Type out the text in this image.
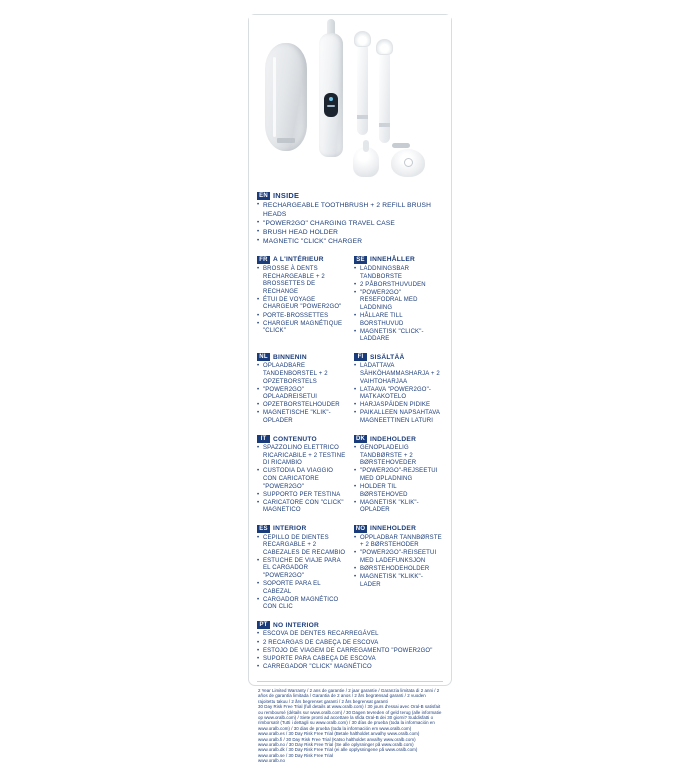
EN INSIDE
• RECHARGEABLE TOOTHBRUSH + 2 REFILL BRUSH HEADS
• "POWER2GO" CHARGING TRAVEL CASE
• BRUSH HEAD HOLDER
• MAGNETIC "CLICK" CHARGER
FR A L'INTÉRIEUR
• BROSSE À DENTS RECHARGEABLE + 2 BROSSETTES DE RECHANGE
• ÉTUI DE VOYAGE CHARGEUR "POWER2GO"
• PORTE-BROSSETTES
• CHARGEUR MAGNÉTIQUE "CLICK"
SE INNEHÅLLER
• LADDNINGSBAR TANDBORSTE
• 2 PÅBORSTHUVUDEN
• "POWER2GO" RESEFODRAL MED LADDNING
• HÅLLARE TILL BORSTHUVUD
• MAGNETISK "CLICK"-LADDARE
NL BINNENIN
• OPLAADBARE TANDENBORSTEL + 2 OPZETBORSTELS
• "POWER2GO" OPLAADREISETUI
• OPZETBORSTELHOUDER
• MAGNETISCHE "KLIK"-OPLADER
FI	SISÄLTÄÄ
• LADATTAVA SÄHKÖHAMMASHARJA + 2 VAIHTOHARJAA
• LATAAVA "POWER2GO"-MATKAKOTELO
• HARJASPÄIDEN PIDIKE
• PAIKALLEEN NAPSAHTAVA MAGNEETTINEN LATURI
IT	CONTENUTO
• SPAZZOLINO ELETTRICO RICARICABILE + 2 TESTINE DI RICAMBIO
• CUSTODIA DA VIAGGIO CON CARICATORE "POWER2GO"
• SUPPORTO PER TESTINA
• CARICATORE CON "CLICK" MAGNETICO
DK INDEHOLDER
• GENOPLADELIG TANDBØRSTE + 2 BØRSTEHOVEDER
• "POWER2GO"-REJSEETUI MED OPLADNING
• HOLDER TIL BØRSTEHOVED
• MAGNETISK "KLIK"-OPLADER
ES INTERIOR
• CEPILLO DE DIENTES RECARGABLE + 2 CABEZALES DE RECAMBIO
• ESTUCHE DE VIAJE PARA EL CARGADOR "POWER2GO"
• SOPORTE PARA EL CABEZAL
• CARGADOR MAGNÉTICO CON CLIC
NO INNEHOLDER
• OPPLADBAR TANNBØRSTE + 2 BØRSTEHODER
• "POWER2GO"-REISEETUI MED LADEFUNKSJON
• BØRSTEHODEHOLDER
• MAGNETISK "KLIKK"-LADER
PT NO INTERIOR
• ESCOVA DE DENTES RECARREGÁVEL
• 2 RECARGAS DE CABEÇA DE ESCOVA
• ESTOJO DE VIAGEM DE CARREGAMENTO "POWER2GO"
• SUPORTE PARA CABEÇA DE ESCOVA
• CARREGADOR "CLICK" MAGNÉTICO

2 Year Limited Warranty / 2 ans de garantie / 2 jaar garantie / Garanzia limitata di 2 anni / 2 años de garantía limitada / Garantia de 2 anos / 2 års begrænsad garanti / 2 vuoden rajoitettu takuu / 2 års begrenset garanti / 2 års begrensat garanti

30 Day Risk Free Trial (full details at www.oralb.com) / 30 jours d'essai avec Oral-B satisfait ou remboursé (détails sur www.oralb.com) / 30 Dagen tevreden of geld terug (alle informatie op www.oralb.com) / Siete pronti ad accettare la sfida Oral-B dei 30 giorni? Suddisfatti o rimborsati! (Tutti i dettagli su www.oralb.com) / 30 días de prueba (toda la información en www.oralb.com) / 30 dias de prueba (toda la información em www.oralb.com)

www.oralb.es / 30 Day Risk Free Trial (Betale haltholdet anvalhy www.oralb.com)

www.oralb.fi / 30 Day Risk Free Trial (Katso haltholdet anvalhy www.oralb.com)

www.oralb.no / 30 Day Risk Free Trial (Se alle oplysninger på www.oralb.com)

www.oralb.dk / 30 Day Risk Free Trial (ei alle opplysningene på www.oralb.com)

www.oralb.se / 30 Day Risk Free Trial

www.oralb.no
